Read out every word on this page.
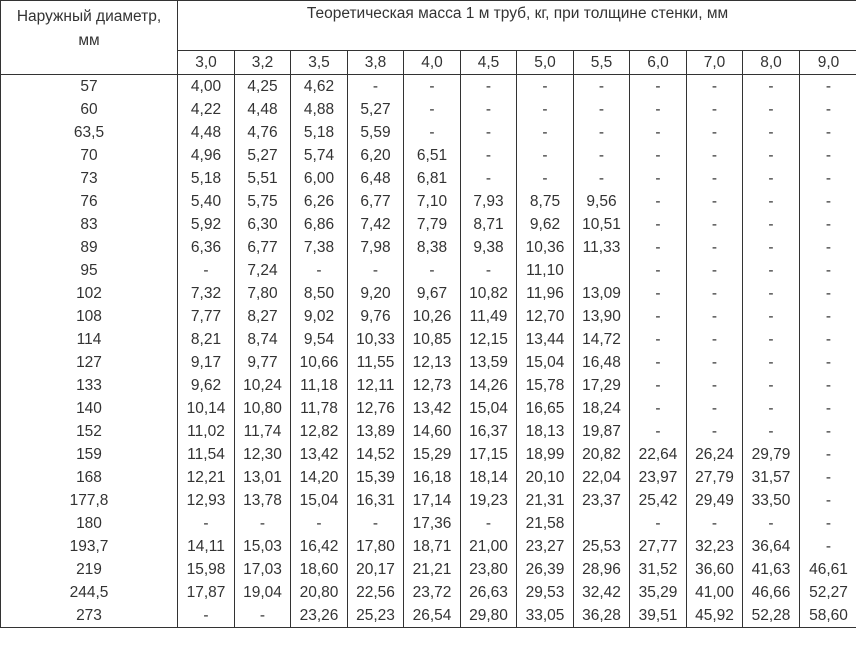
Наружный диаметр,
мм	Теоретическая масса 1 м труб, кг, при толщине стенки, мм											
	3,0	3,2	3,5	3,8	4,0	4,5	5,0	5,5	6,0	7,0	8,0	9,0
57	4,00	4,25	4,62	-	-	-	-	-	-	-	-	-
60	4,22	4,48	4,88	5,27	-	-	-	-	-	-	-	-
63,5	4,48	4,76	5,18	5,59	-	-	-	-	-	-	-	-
70	4,96	5,27	5,74	6,20	6,51	-	-	-	-	-	-	-
73	5,18	5,51	6,00	6,48	6,81	-	-	-	-	-	-	-
76	5,40	5,75	6,26	6,77	7,10	7,93	8,75	9,56	-	-	-	-
83	5,92	6,30	6,86	7,42	7,79	8,71	9,62	10,51	-	-	-	-
89	6,36	6,77	7,38	7,98	8,38	9,38	10,36	11,33	-	-	-	-
95	-	7,24	-	-	-	-	11,10		-	-	-	-
102	7,32	7,80	8,50	9,20	9,67	10,82	11,96	13,09	-	-	-	-
108	7,77	8,27	9,02	9,76	10,26	11,49	12,70	13,90	-	-	-	-
114	8,21	8,74	9,54	10,33	10,85	12,15	13,44	14,72	-	-	-	-
127	9,17	9,77	10,66	11,55	12,13	13,59	15,04	16,48	-	-	-	-
133	9,62	10,24	11,18	12,11	12,73	14,26	15,78	17,29	-	-	-	-
140	10,14	10,80	11,78	12,76	13,42	15,04	16,65	18,24	-	-	-	-
152	11,02	11,74	12,82	13,89	14,60	16,37	18,13	19,87	-	-	-	-
159	11,54	12,30	13,42	14,52	15,29	17,15	18,99	20,82	22,64	26,24	29,79	-
168	12,21	13,01	14,20	15,39	16,18	18,14	20,10	22,04	23,97	27,79	31,57	-
177,8	12,93	13,78	15,04	16,31	17,14	19,23	21,31	23,37	25,42	29,49	33,50	-
180	-	-	-	-	17,36	-	21,58		-	-	-	-
193,7	14,11	15,03	16,42	17,80	18,71	21,00	23,27	25,53	27,77	32,23	36,64	-
219	15,98	17,03	18,60	20,17	21,21	23,80	26,39	28,96	31,52	36,60	41,63	46,61
244,5	17,87	19,04	20,80	22,56	23,72	26,63	29,53	32,42	35,29	41,00	46,66	52,27
273	-	-	23,26	25,23	26,54	29,80	33,05	36,28	39,51	45,92	52,28	58,60
